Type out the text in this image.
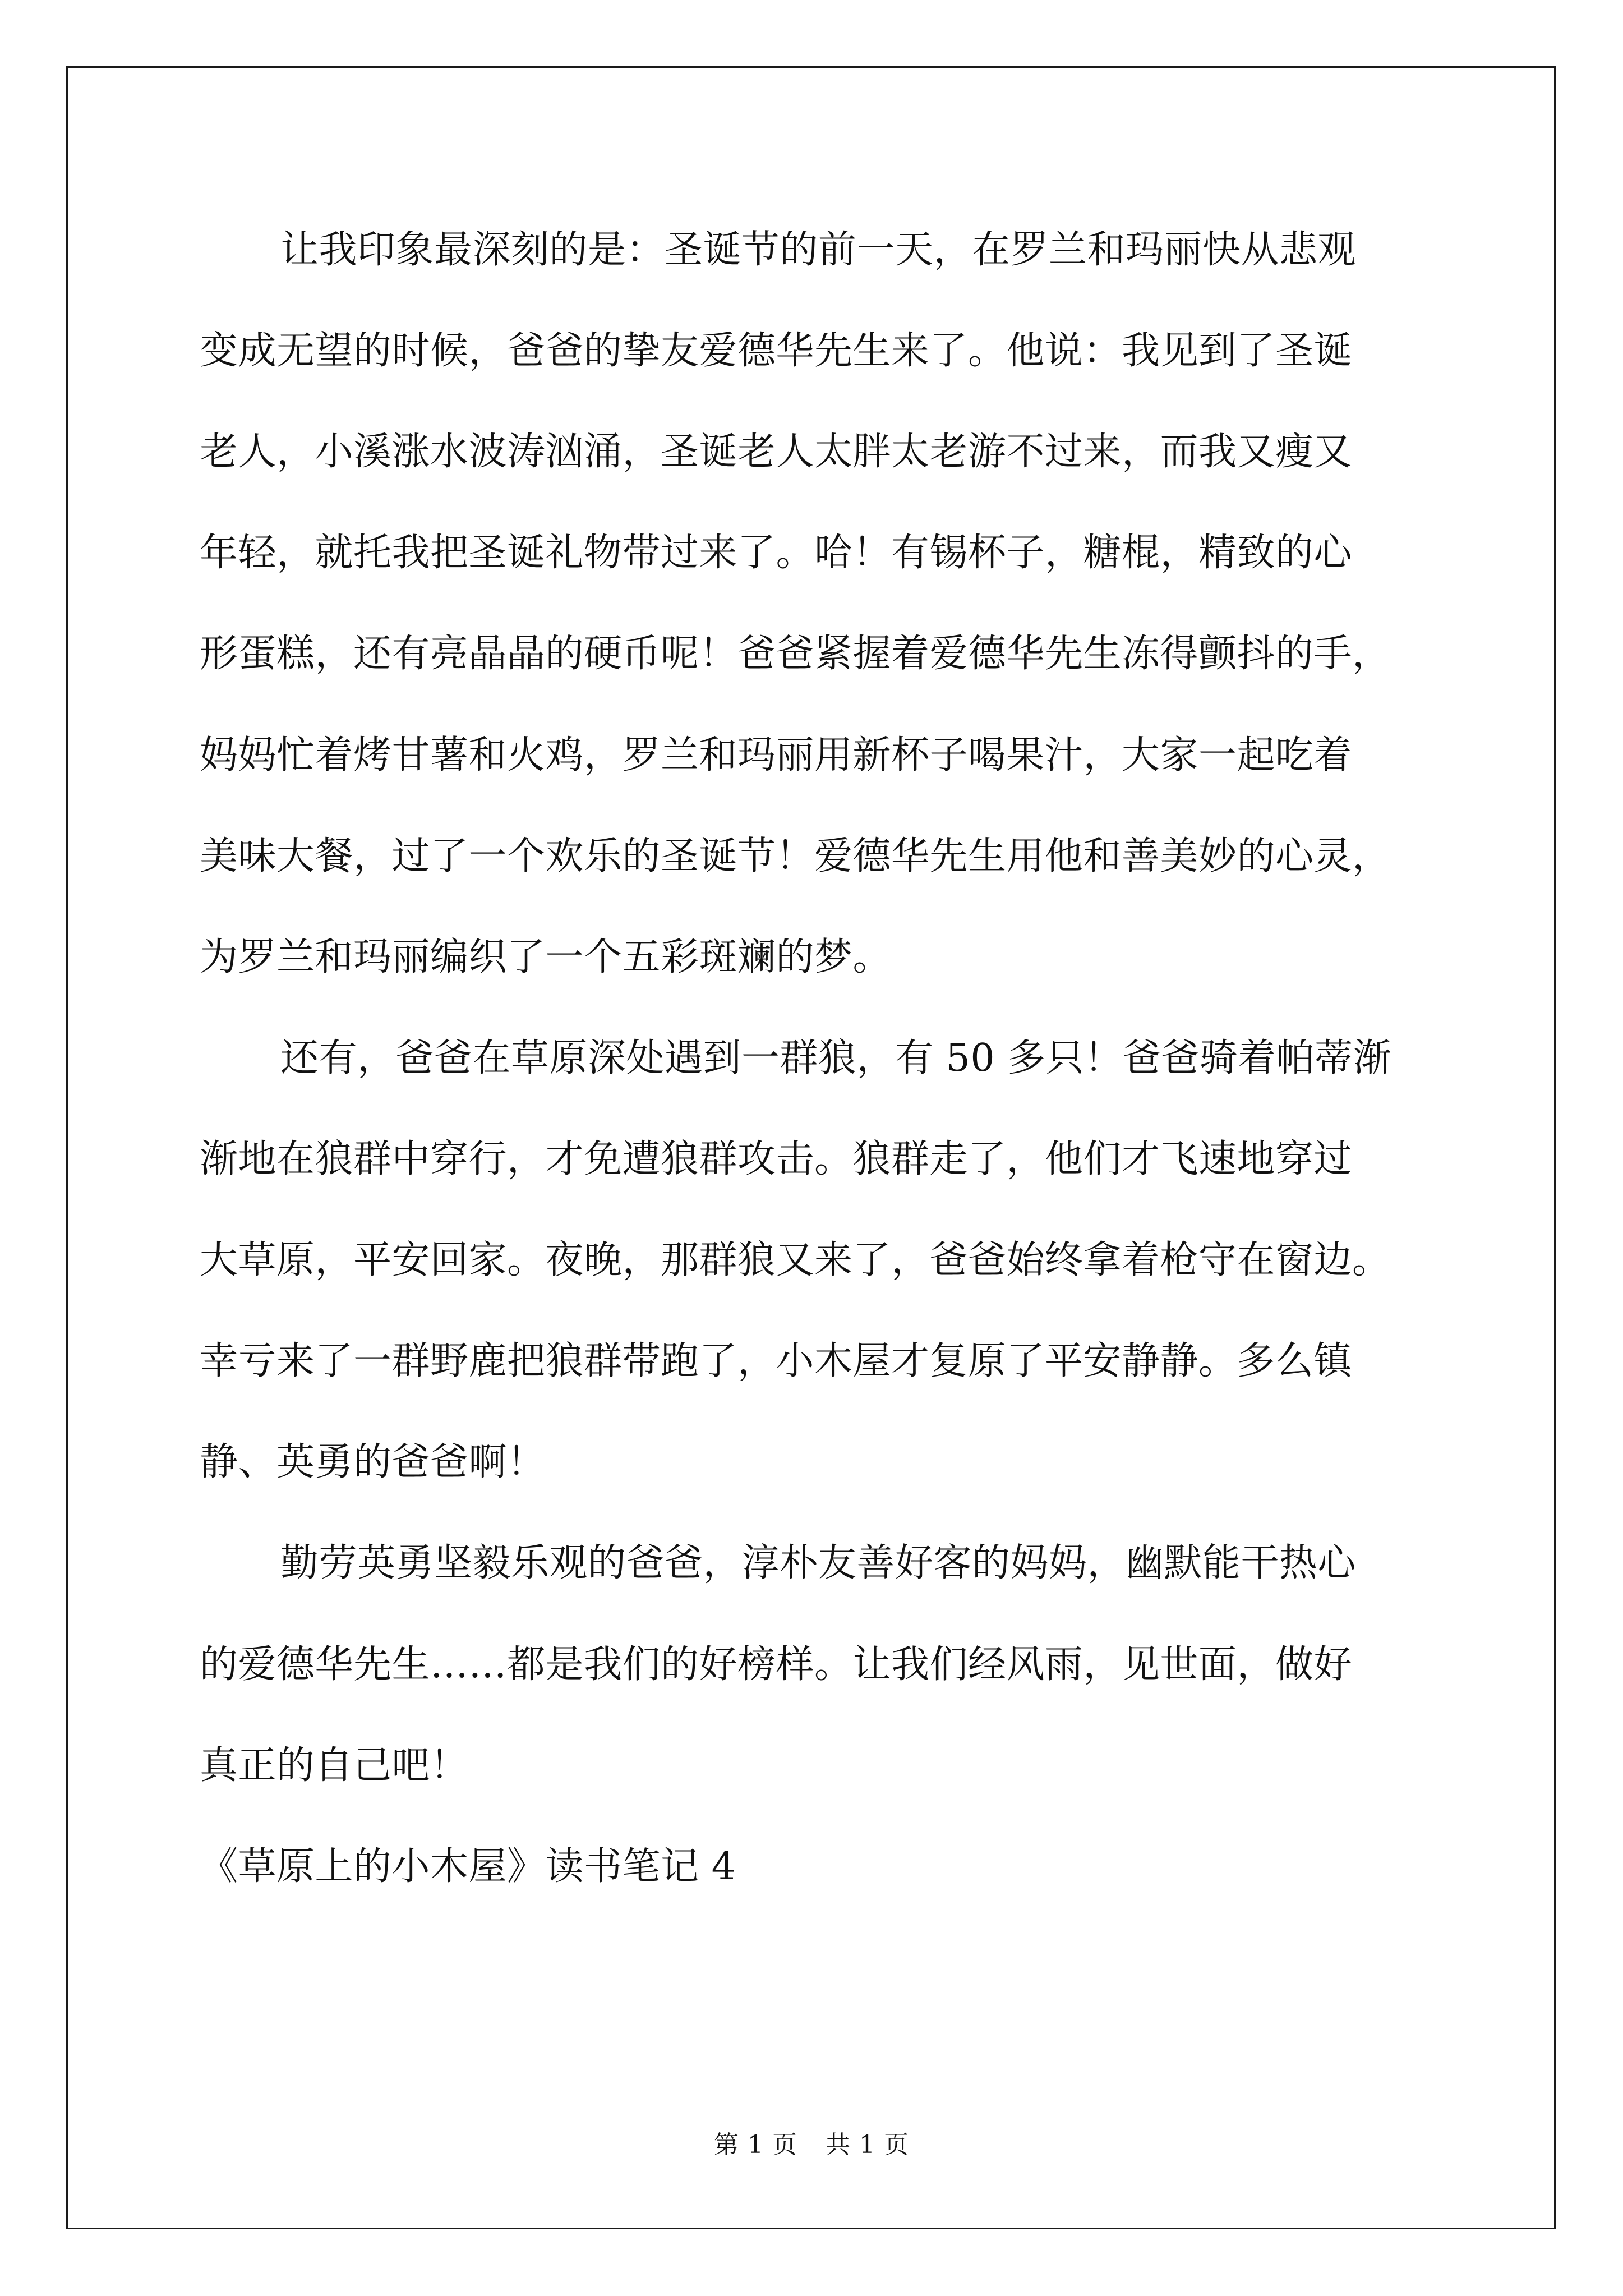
让我印象最深刻的是：圣诞节的前一天，在罗兰和玛丽快从悲观
变成无望的时候，爸爸的挚友爱德华先生来了。他说：我见到了圣诞
老人，小溪涨水波涛汹涌，圣诞老人太胖太老游不过来，而我又瘦又
年轻，就托我把圣诞礼物带过来了。哈！有锡杯子，糖棍，精致的心
形蛋糕，还有亮晶晶的硬币呢！爸爸紧握着爱德华先生冻得颤抖的手，
妈妈忙着烤甘薯和火鸡，罗兰和玛丽用新杯子喝果汁，大家一起吃着
美味大餐，过了一个欢乐的圣诞节！爱德华先生用他和善美妙的心灵，
为罗兰和玛丽编织了一个五彩斑斓的梦。
还有，爸爸在草原深处遇到一群狼，有 50 多只！爸爸骑着帕蒂渐
渐地在狼群中穿行，才免遭狼群攻击。狼群走了，他们才飞速地穿过
大草原，平安回家。夜晚，那群狼又来了，爸爸始终拿着枪守在窗边。
幸亏来了一群野鹿把狼群带跑了，小木屋才复原了平安静静。多么镇
静、英勇的爸爸啊！
勤劳英勇坚毅乐观的爸爸，淳朴友善好客的妈妈，幽默能干热心
的爱德华先生……都是我们的好榜样。让我们经风雨，见世面，做好
真正的自己吧！
《草原上的小木屋》读书笔记 4
第 1 页 共 1 页
